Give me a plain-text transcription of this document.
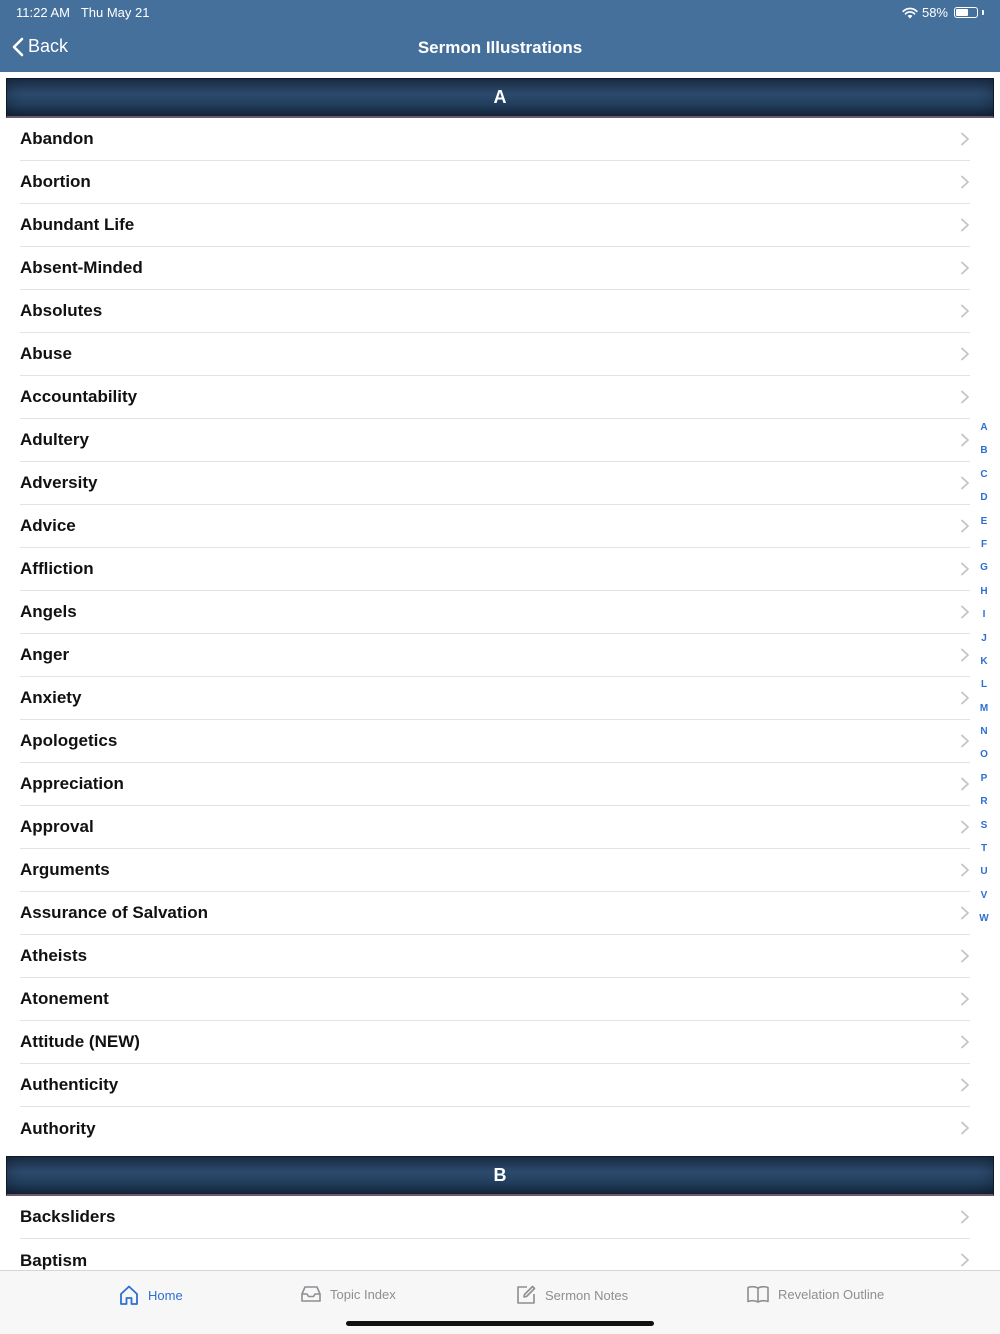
11:22 AM Thu May 21	58%
Back	Sermon Illustrations
A
Abandon
Abortion
Abundant Life
Absent-Minded
Absolutes
Abuse
Accountability
Adultery
Adversity
Advice
Affliction
Angels
Anger
Anxiety
Apologetics
Appreciation
Approval
Arguments
Assurance of Salvation
Atheists
Atonement
Attitude (NEW)
Authenticity
Authority
B
Backsliders
Baptism
A
B
C
D
E
F
G
H
I
J
K
L
M
N
O
P
R
S
T
U
V
W
Home	Topic Index	Sermon Notes	Revelation Outline
